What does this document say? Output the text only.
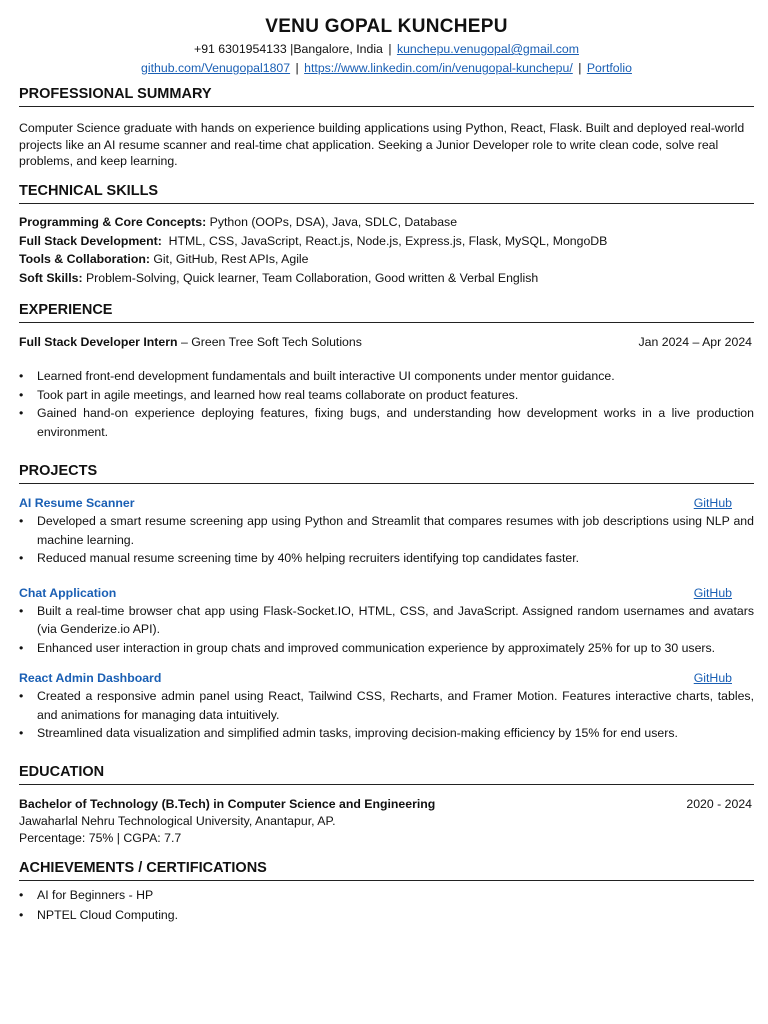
VENU GOPAL KUNCHEPU
+91 6301954133 |Bangalore, India | kunchepu.venugopal@gmail.com
github.com/Venugopal1807 | https://www.linkedin.com/in/venugopal-kunchepu/ | Portfolio
PROFESSIONAL SUMMARY
Computer Science graduate with hands on experience building applications using Python, React, Flask. Built and deployed real-world projects like an AI resume scanner and real-time chat application. Seeking a Junior Developer role to write clean code, solve real problems, and keep learning.
TECHNICAL SKILLS
Programming & Core Concepts: Python (OOPs, DSA), Java, SDLC, Database
Full Stack Development:  HTML, CSS, JavaScript, React.js, Node.js, Express.js, Flask, MySQL, MongoDB
Tools & Collaboration: Git, GitHub, Rest APIs, Agile
Soft Skills: Problem-Solving, Quick learner, Team Collaboration, Good written & Verbal English
EXPERIENCE
Full Stack Developer Intern – Green Tree Soft Tech Solutions	Jan 2024 – Apr 2024
• Learned front-end development fundamentals and built interactive UI components under mentor guidance.
• Took part in agile meetings, and learned how real teams collaborate on product features.
• Gained hand-on experience deploying features, fixing bugs, and understanding how development works in a live production environment.
PROJECTS
AI Resume Scanner	GitHub
• Developed a smart resume screening app using Python and Streamlit that compares resumes with job descriptions using NLP and machine learning.
• Reduced manual resume screening time by 40% helping recruiters identifying top candidates faster.
Chat Application	GitHub
• Built a real-time browser chat app using Flask-Socket.IO, HTML, CSS, and JavaScript. Assigned random usernames and avatars (via Genderize.io API).
• Enhanced user interaction in group chats and improved communication experience by approximately 25% for up to 30 users.
React Admin Dashboard	GitHub
• Created a responsive admin panel using React, Tailwind CSS, Recharts, and Framer Motion. Features interactive charts, tables, and animations for managing data intuitively.
• Streamlined data visualization and simplified admin tasks, improving decision-making efficiency by 15% for end users.
EDUCATION
Bachelor of Technology (B.Tech) in Computer Science and Engineering	2020 - 2024
Jawaharlal Nehru Technological University, Anantapur, AP.
Percentage: 75% | CGPA: 7.7
ACHIEVEMENTS / CERTIFICATIONS
• AI for Beginners - HP
• NPTEL Cloud Computing.
